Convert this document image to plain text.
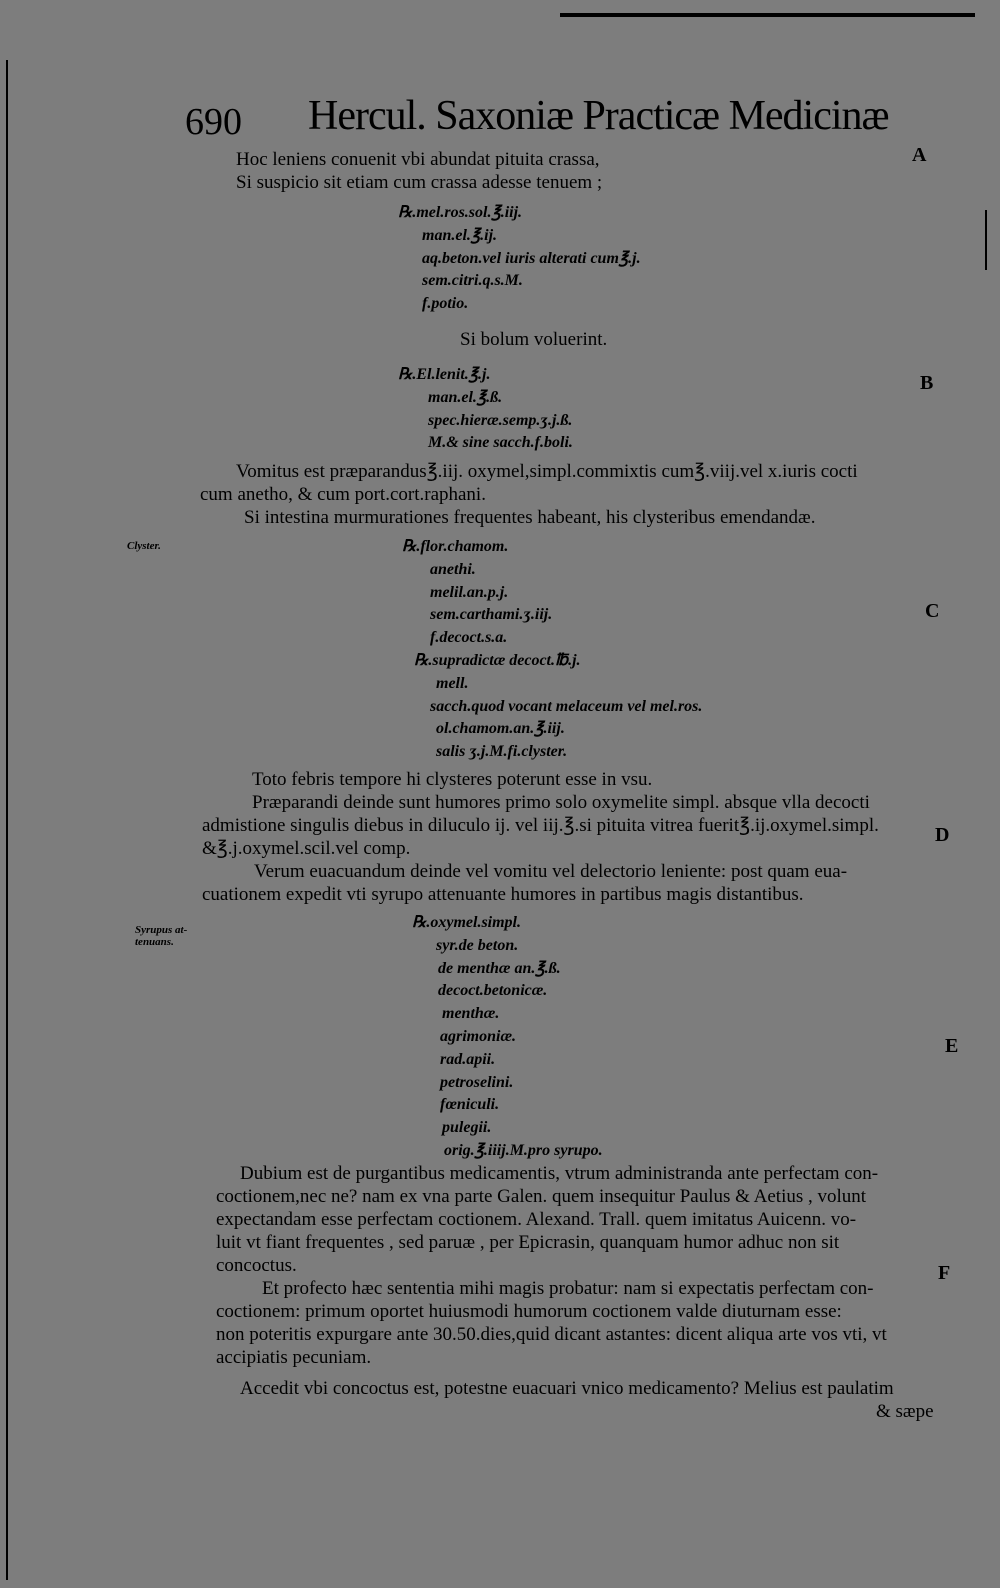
690 Hercul. Saxoniæ Practicæ Medicinæ
A
B
C
D
E
F
Clyster.
Syrupus at-
tenuans.
Hoc leniens conuenit vbi abundat pituita crassa,
Si suspicio sit etiam cum crassa adesse tenuem ;
℞.mel.ros.sol.℥.iij.
man.el.℥.ij.
aq.beton.vel iuris alterati cum℥.j.
sem.citri.q.s.M.
f.potio.
Si bolum voluerint.
℞.El.lenit.℥.j.
man.el.℥.ß.
spec.hieræ.semp.ʒ.j.ß.
M.& sine sacch.f.boli.
Vomitus est præparandus℥.iij. oxymel,simpl.commixtis cum℥.viij.vel x.iuris cocti
cum anetho, & cum port.cort.raphani.
Si intestina murmurationes frequentes habeant, his clysteribus emendandæ.
℞.flor.chamom.
anethi.
melil.an.p.j.
sem.carthami.ʒ.iij.
f.decoct.s.a.
℞.supradictæ decoct.℔.j.
mell.
sacch.quod vocant melaceum vel mel.ros.
ol.chamom.an.℥.iij.
salis ʒ.j.M.fi.clyster.
Toto febris tempore hi clysteres poterunt esse in vsu.
Præparandi deinde sunt humores primo solo oxymelite simpl. absque vlla decocti
admistione singulis diebus in diluculo ij. vel iij.℥.si pituita vitrea fuerit℥.ij.oxymel.simpl.
&℥.j.oxymel.scil.vel comp.
Verum euacuandum deinde vel vomitu vel delectorio leniente: post quam eua-
cuationem expedit vti syrupo attenuante humores in partibus magis distantibus.
℞.oxymel.simpl.
syr.de beton.
de menthæ an.℥.ß.
decoct.betonicæ.
menthæ.
agrimoniæ.
rad.apii.
petroselini.
fœniculi.
pulegii.
orig.℥.iiij.M.pro syrupo.
Dubium est de purgantibus medicamentis, vtrum administranda ante perfectam con-
coctionem,nec ne? nam ex vna parte Galen. quem insequitur Paulus & Aetius , volunt
expectandam esse perfectam coctionem. Alexand. Trall. quem imitatus Auicenn. vo-
luit vt fiant frequentes , sed paruæ , per Epicrasin, quanquam humor adhuc non sit
concoctus.
Et profecto hæc sententia mihi magis probatur: nam si expectatis perfectam con-
coctionem: primum oportet huiusmodi humorum coctionem valde diuturnam esse:
non poteritis expurgare ante 30.50.dies,quid dicant astantes: dicent aliqua arte vos vti, vt
accipiatis pecuniam.
Accedit vbi concoctus est, potestne euacuari vnico medicamento? Melius est paulatim
& sæpe
